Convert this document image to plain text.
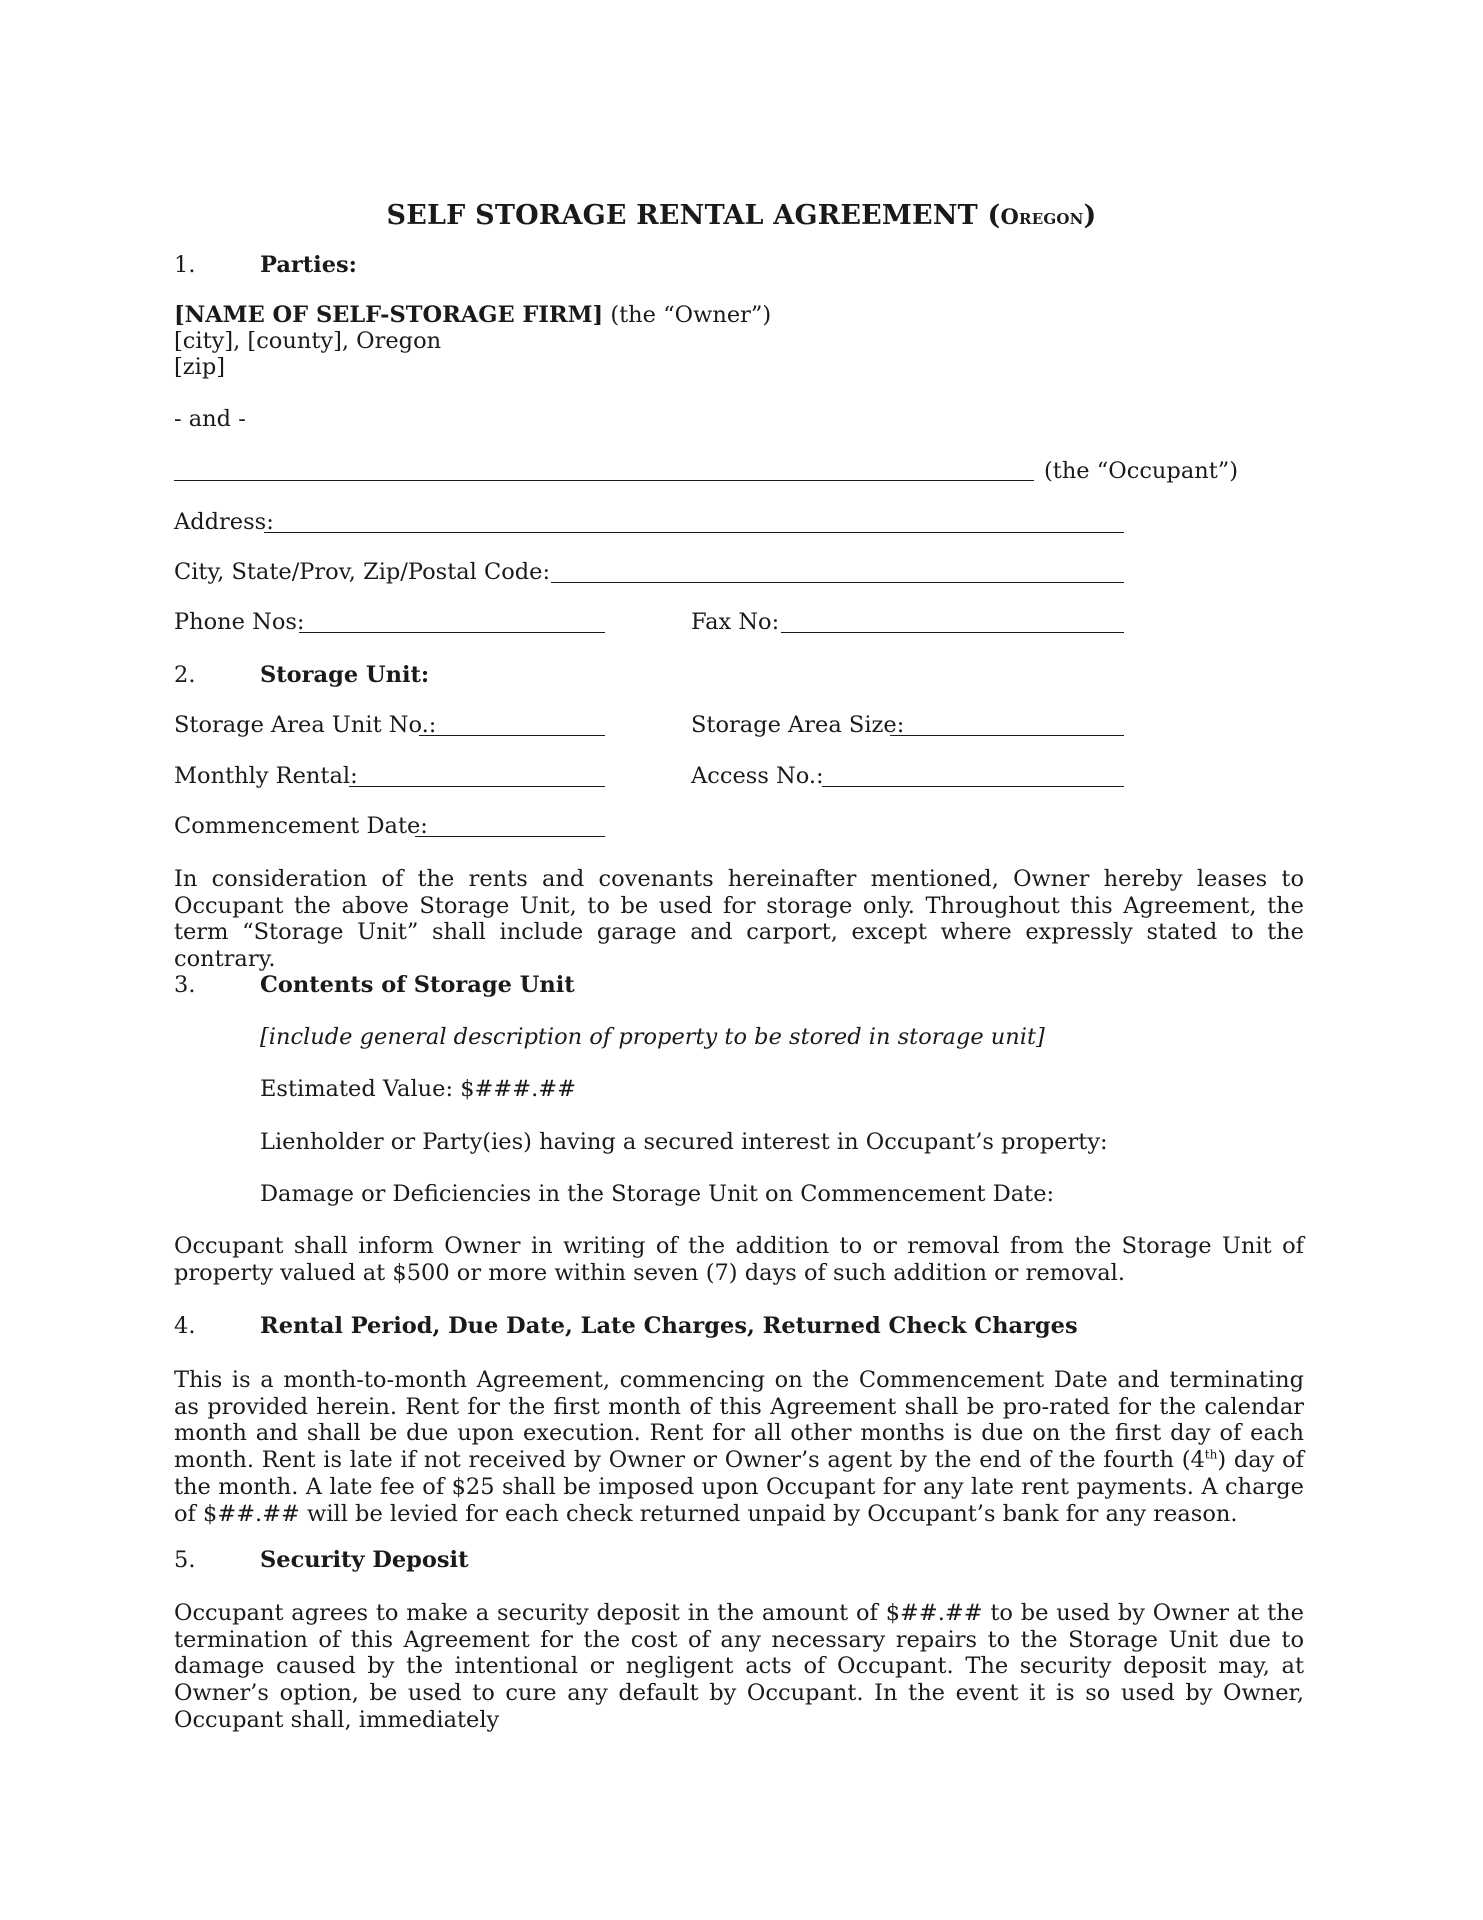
SELF STORAGE RENTAL AGREEMENT (Oregon)
1.	Parties:
[NAME OF SELF-STORAGE FIRM] (the “Owner”)
[city], [county], Oregon
[zip]
- and -
(the “Occupant”)
Address:
City, State/Prov, Zip/Postal Code:
Phone Nos:	Fax No:
2.	Storage Unit:
Storage Area Unit No.:	Storage Area Size:
Monthly Rental:	Access No.:
Commencement Date:
In consideration of the rents and covenants hereinafter mentioned, Owner hereby leases to Occupant the above Storage Unit, to be used for storage only. Throughout this Agreement, the term “Storage Unit” shall include garage and carport, except where expressly stated to the contrary.
3.	Contents of Storage Unit
[include general description of property to be stored in storage unit]
Estimated Value: $###.##
Lienholder or Party(ies) having a secured interest in Occupant’s property:
Damage or Deficiencies in the Storage Unit on Commencement Date:
Occupant shall inform Owner in writing of the addition to or removal from the Storage Unit of property valued at $500 or more within seven (7) days of such addition or removal.
4.	Rental Period, Due Date, Late Charges, Returned Check Charges
This is a month-to-month Agreement, commencing on the Commencement Date and terminating as provided herein. Rent for the first month of this Agreement shall be pro-rated for the calendar month and shall be due upon execution. Rent for all other months is due on the first day of each month. Rent is late if not received by Owner or Owner’s agent by the end of the fourth (4th) day of the month. A late fee of $25 shall be imposed upon Occupant for any late rent payments. A charge of $##.## will be levied for each check returned unpaid by Occupant’s bank for any reason.
5.	Security Deposit
Occupant agrees to make a security deposit in the amount of $##.## to be used by Owner at the termination of this Agreement for the cost of any necessary repairs to the Storage Unit due to damage caused by the intentional or negligent acts of Occupant. The security deposit may, at Owner’s option, be used to cure any default by Occupant. In the event it is so used by Owner, Occupant shall, immediately
